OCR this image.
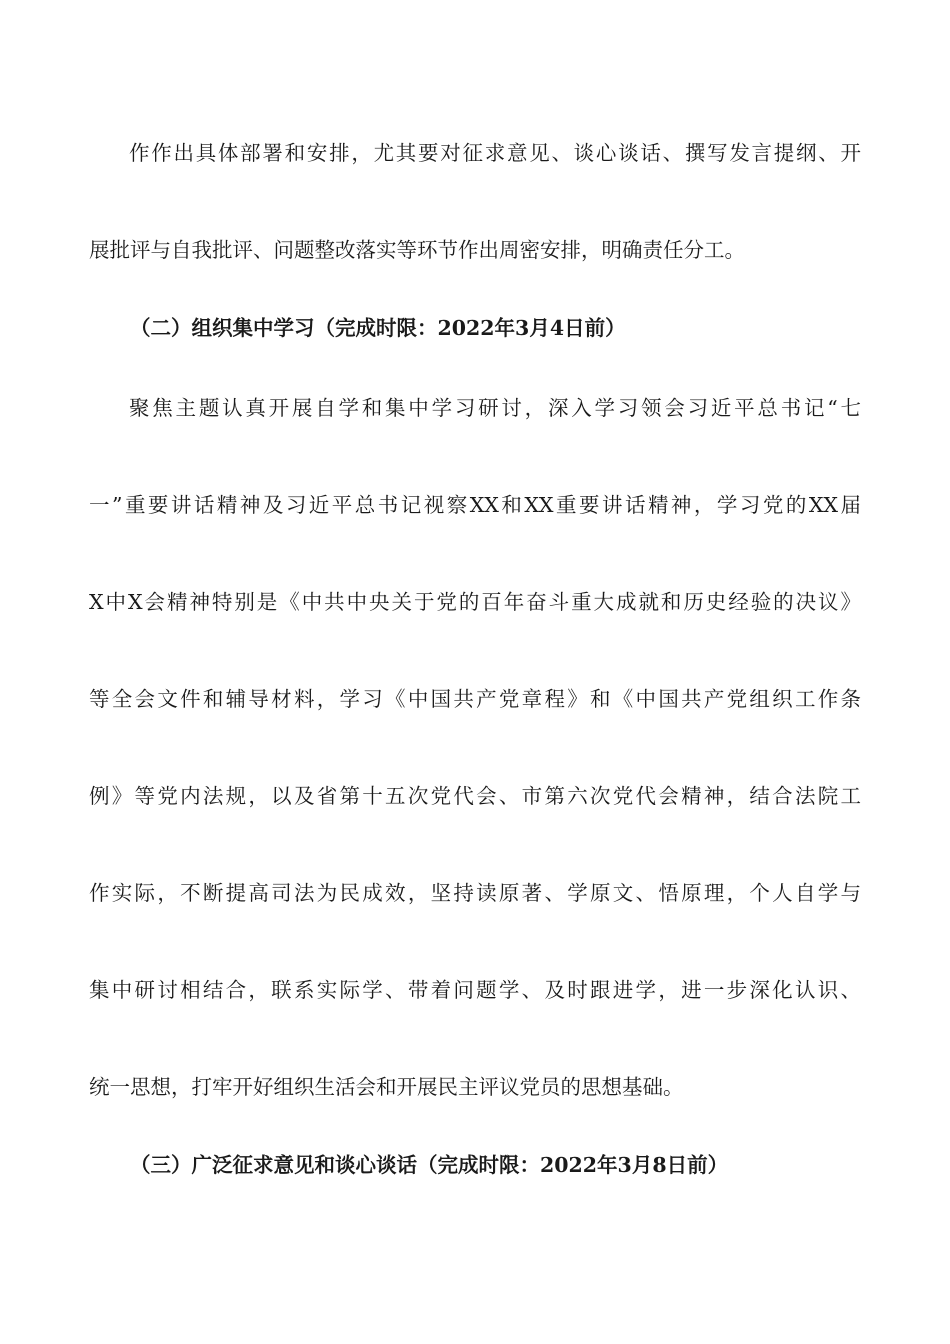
作作出具体部署和安排，尤其要对征求意见、谈心谈话、撰写发言提纲、开
展批评与自我批评、问题整改落实等环节作出周密安排，明确责任分工。
（二）组织集中学习（完成时限：2022年3月4日前）
聚焦主题认真开展自学和集中学习研讨，深入学习领会习近平总书记“七
一”重要讲话精神及习近平总书记视察XX和XX重要讲话精神，学习党的XX届
X中X会精神特别是《中共中央关于党的百年奋斗重大成就和历史经验的决议》
等全会文件和辅导材料，学习《中国共产党章程》和《中国共产党组织工作条
例》等党内法规，以及省第十五次党代会、市第六次党代会精神，结合法院工
作实际，不断提高司法为民成效，坚持读原著、学原文、悟原理，个人自学与
集中研讨相结合，联系实际学、带着问题学、及时跟进学，进一步深化认识、
统一思想，打牢开好组织生活会和开展民主评议党员的思想基础。
（三）广泛征求意见和谈心谈话（完成时限：2022年3月8日前）
